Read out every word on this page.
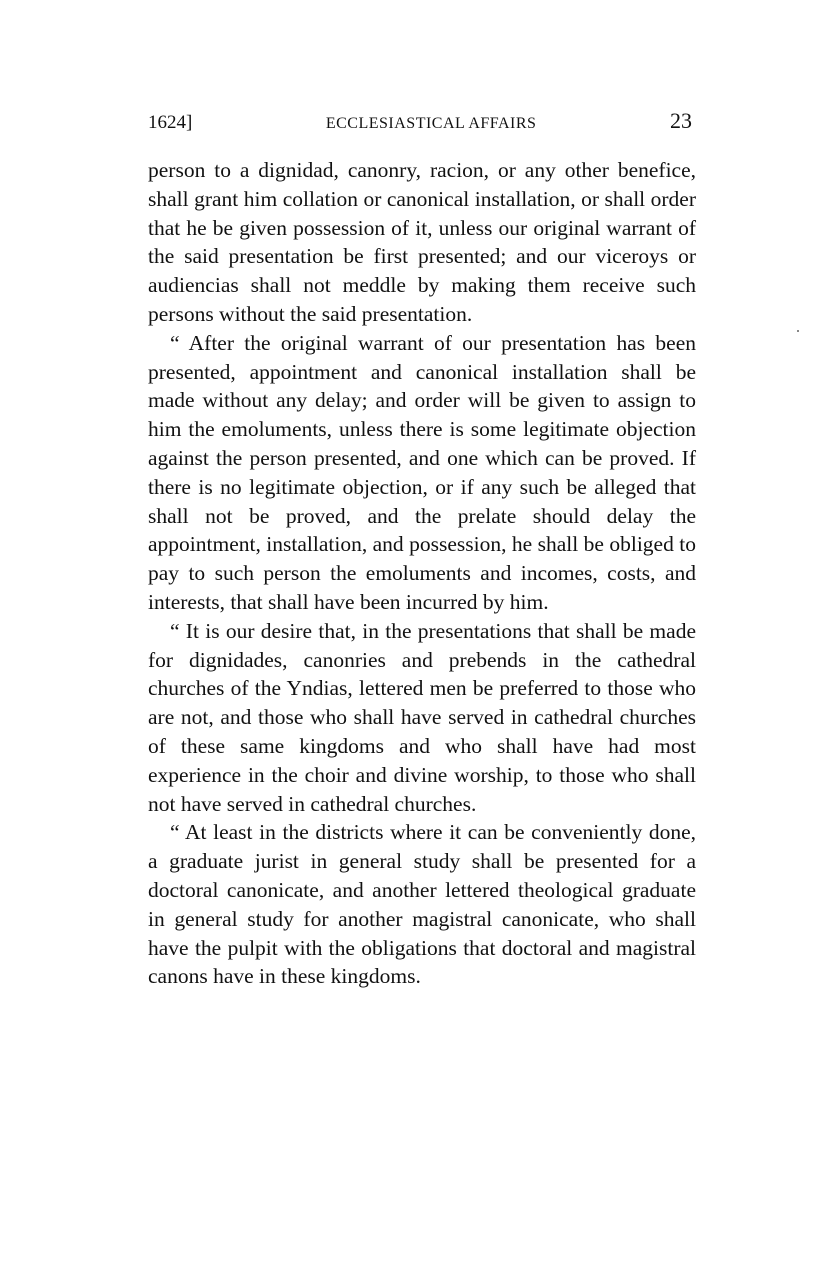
1624]	ECCLESIASTICAL AFFAIRS	23

person to a dignidad, canonry, racion, or any other benefice, shall grant him collation or canonical installation, or shall order that he be given possession of it, unless our original warrant of the said presentation be first presented; and our viceroys or audiencias shall not meddle by making them receive such persons without the said presentation.

“ After the original warrant of our presentation has been presented, appointment and canonical installation shall be made without any delay; and order will be given to assign to him the emoluments, unless there is some legitimate objection against the person presented, and one which can be proved. If there is no legitimate objection, or if any such be alleged that shall not be proved, and the prelate should delay the appointment, installation, and possession, he shall be obliged to pay to such person the emoluments and incomes, costs, and interests, that shall have been incurred by him.

“ It is our desire that, in the presentations that shall be made for dignidades, canonries and prebends in the cathedral churches of the Yndias, lettered men be preferred to those who are not, and those who shall have served in cathedral churches of these same kingdoms and who shall have had most experience in the choir and divine worship, to those who shall not have served in cathedral churches.

“ At least in the districts where it can be conveniently done, a graduate jurist in general study shall be presented for a doctoral canonicate, and another lettered theological graduate in general study for another magistral canonicate, who shall have the pulpit with the obligations that doctoral and magistral canons have in these kingdoms.
